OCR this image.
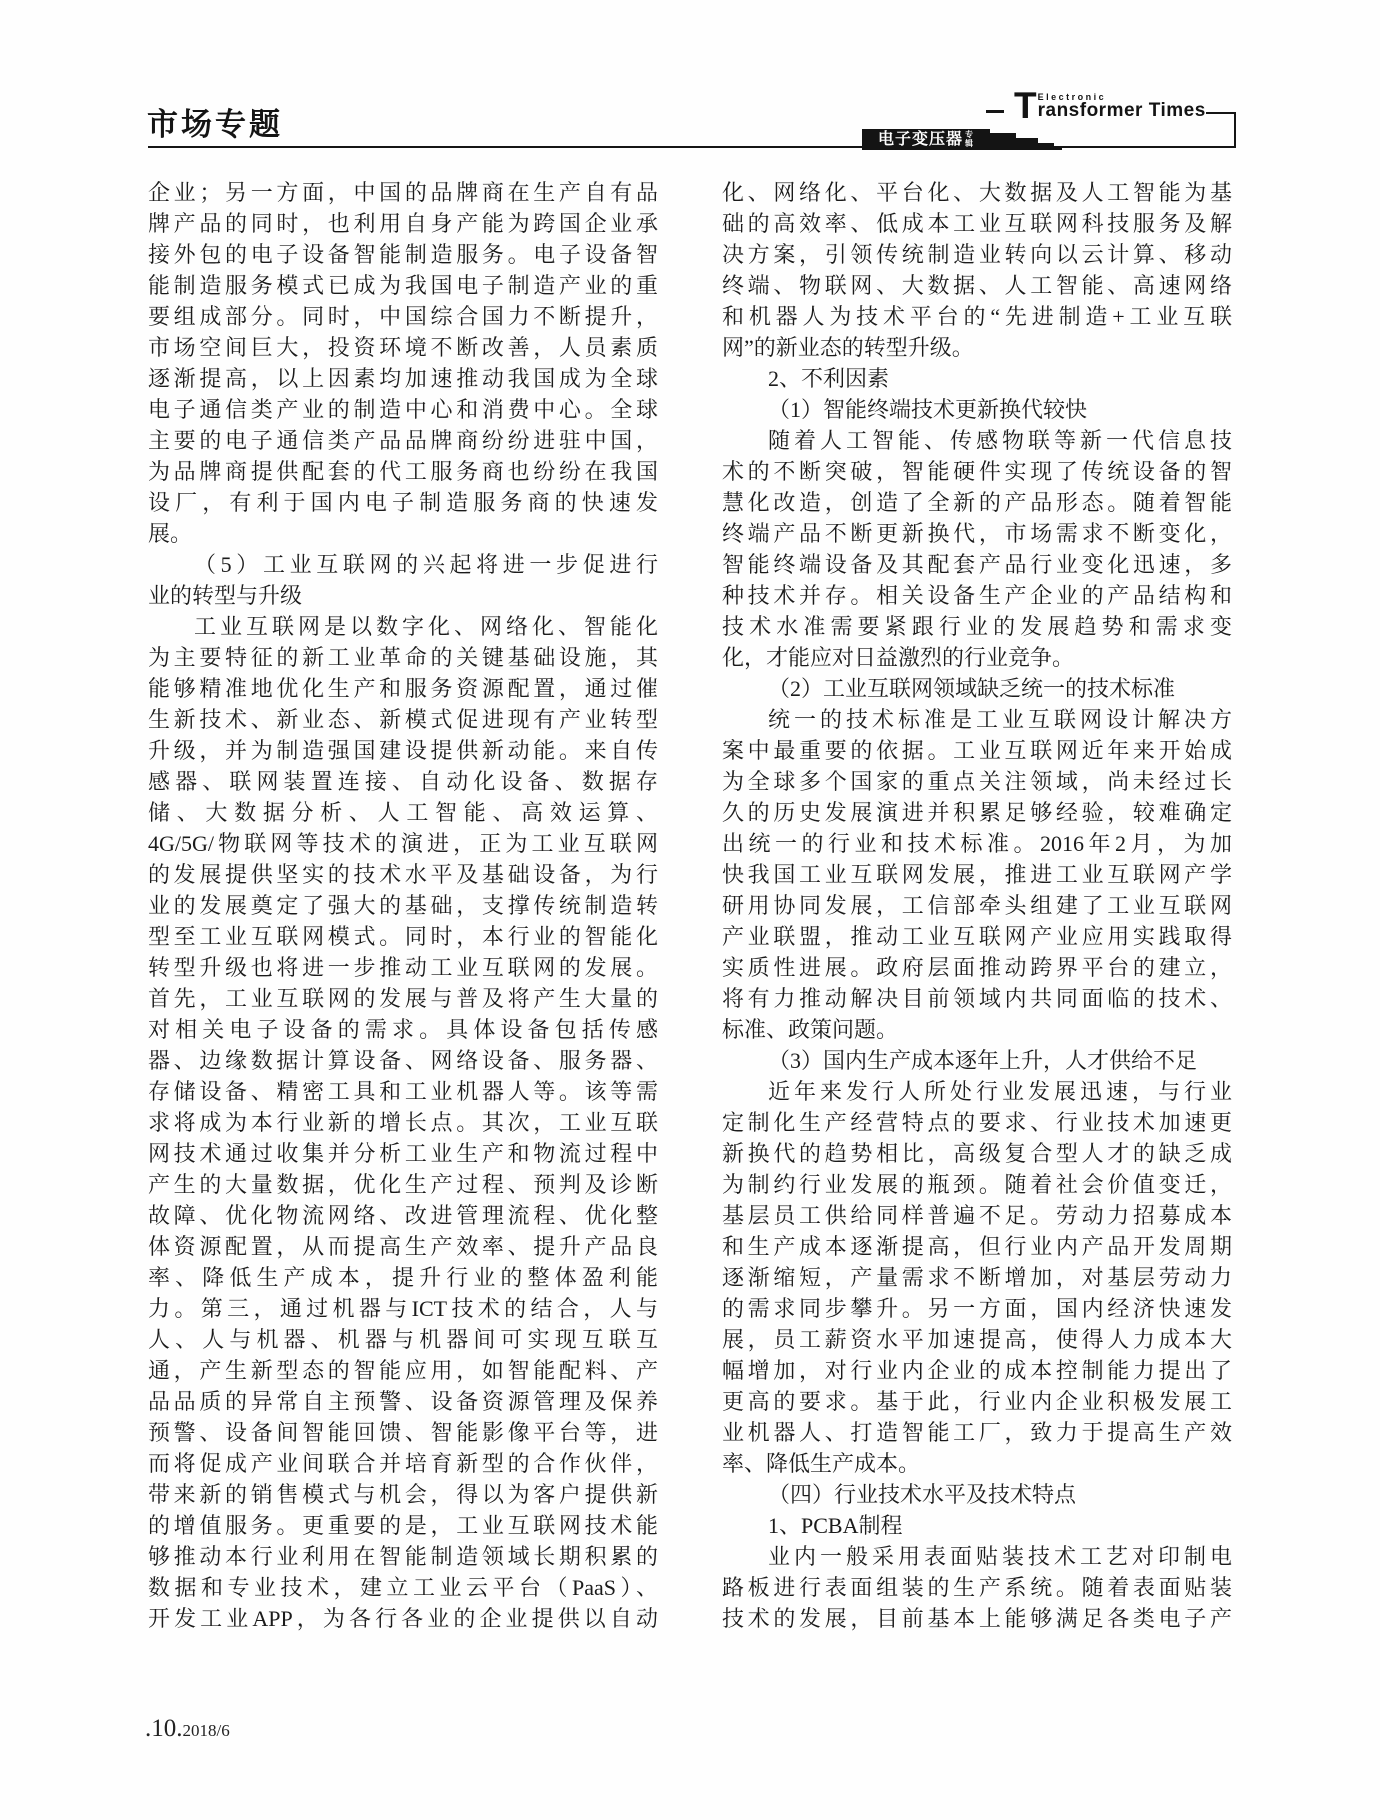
市场专题	T Electronic
ransformer Times
电子变压器 专辑
企业；另一方面，中国的品牌商在生产自有品
牌产品的同时，也利用自身产能为跨国企业承
接外包的电子设备智能制造服务。电子设备智
能制造服务模式已成为我国电子制造产业的重
要组成部分。同时，中国综合国力不断提升，
市场空间巨大，投资环境不断改善，人员素质
逐渐提高，以上因素均加速推动我国成为全球
电子通信类产业的制造中心和消费中心。全球
主要的电子通信类产品品牌商纷纷进驻中国，
为品牌商提供配套的代工服务商也纷纷在我国
设厂，有利于国内电子制造服务商的快速发
展。
（5）工业互联网的兴起将进一步促进行
业的转型与升级
工业互联网是以数字化、网络化、智能化
为主要特征的新工业革命的关键基础设施，其
能够精准地优化生产和服务资源配置，通过催
生新技术、新业态、新模式促进现有产业转型
升级，并为制造强国建设提供新动能。来自传
感器、联网装置连接、自动化设备、数据存
储、大数据分析、人工智能、高效运算、
4G/5G/物联网等技术的演进，正为工业互联网
的发展提供坚实的技术水平及基础设备，为行
业的发展奠定了强大的基础，支撑传统制造转
型至工业互联网模式。同时，本行业的智能化
转型升级也将进一步推动工业互联网的发展。
首先，工业互联网的发展与普及将产生大量的
对相关电子设备的需求。具体设备包括传感
器、边缘数据计算设备、网络设备、服务器、
存储设备、精密工具和工业机器人等。该等需
求将成为本行业新的增长点。其次，工业互联
网技术通过收集并分析工业生产和物流过程中
产生的大量数据，优化生产过程、预判及诊断
故障、优化物流网络、改进管理流程、优化整
体资源配置，从而提高生产效率、提升产品良
率、降低生产成本，提升行业的整体盈利能
力。第三，通过机器与ICT技术的结合，人与
人、人与机器、机器与机器间可实现互联互
通，产生新型态的智能应用，如智能配料、产
品品质的异常自主预警、设备资源管理及保养
预警、设备间智能回馈、智能影像平台等，进
而将促成产业间联合并培育新型的合作伙伴，
带来新的销售模式与机会，得以为客户提供新
的增值服务。更重要的是，工业互联网技术能
够推动本行业利用在智能制造领域长期积累的
数据和专业技术，建立工业云平台（PaaS）、
开发工业APP，为各行各业的企业提供以自动
化、网络化、平台化、大数据及人工智能为基
础的高效率、低成本工业互联网科技服务及解
决方案，引领传统制造业转向以云计算、移动
终端、物联网、大数据、人工智能、高速网络
和机器人为技术平台的“先进制造+工业互联
网”的新业态的转型升级。
2、不利因素
（1）智能终端技术更新换代较快
随着人工智能、传感物联等新一代信息技
术的不断突破，智能硬件实现了传统设备的智
慧化改造，创造了全新的产品形态。随着智能
终端产品不断更新换代，市场需求不断变化，
智能终端设备及其配套产品行业变化迅速，多
种技术并存。相关设备生产企业的产品结构和
技术水准需要紧跟行业的发展趋势和需求变
化，才能应对日益激烈的行业竞争。
（2）工业互联网领域缺乏统一的技术标准
统一的技术标准是工业互联网设计解决方
案中最重要的依据。工业互联网近年来开始成
为全球多个国家的重点关注领域，尚未经过长
久的历史发展演进并积累足够经验，较难确定
出统一的行业和技术标准。2016年2月，为加
快我国工业互联网发展，推进工业互联网产学
研用协同发展，工信部牵头组建了工业互联网
产业联盟，推动工业互联网产业应用实践取得
实质性进展。政府层面推动跨界平台的建立，
将有力推动解决目前领域内共同面临的技术、
标准、政策问题。
（3）国内生产成本逐年上升，人才供给不足
近年来发行人所处行业发展迅速，与行业
定制化生产经营特点的要求、行业技术加速更
新换代的趋势相比，高级复合型人才的缺乏成
为制约行业发展的瓶颈。随着社会价值变迁，
基层员工供给同样普遍不足。劳动力招募成本
和生产成本逐渐提高，但行业内产品开发周期
逐渐缩短，产量需求不断增加，对基层劳动力
的需求同步攀升。另一方面，国内经济快速发
展，员工薪资水平加速提高，使得人力成本大
幅增加，对行业内企业的成本控制能力提出了
更高的要求。基于此，行业内企业积极发展工
业机器人、打造智能工厂，致力于提高生产效
率、降低生产成本。
（四）行业技术水平及技术特点
1、PCBA制程
业内一般采用表面贴装技术工艺对印制电
路板进行表面组装的生产系统。随着表面贴装
技术的发展，目前基本上能够满足各类电子产
.10. 2018/6
